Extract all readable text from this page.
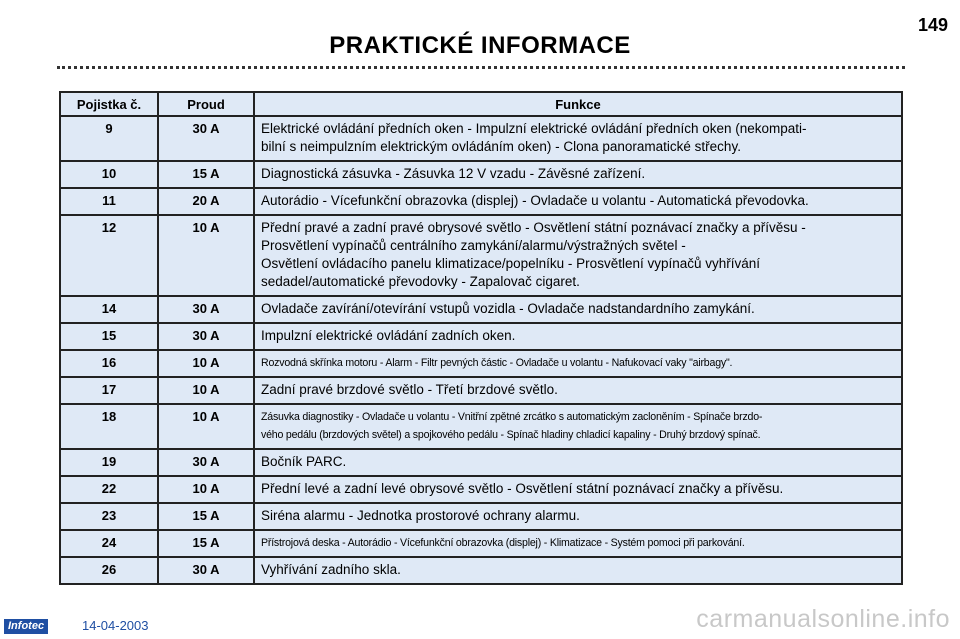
149
PRAKTICKÉ INFORMACE
Pojistka č.	Proud	Funkce
9	30 A	Elektrické ovládání předních oken - Impulzní elektrické ovládání předních oken (nekompati-
bilní s neimpulzním elektrickým ovládáním oken) - Clona panoramatické střechy.
10	15 A	Diagnostická zásuvka - Zásuvka 12 V vzadu - Závěsné zařízení.
11	20 A	Autorádio - Vícefunkční obrazovka (displej) - Ovladače u volantu - Automatická převodovka.
12	10 A	Přední pravé a zadní pravé obrysové světlo - Osvětlení státní poznávací značky a přívěsu -
Prosvětlení vypínačů centrálního zamykání/alarmu/výstražných světel -
Osvětlení ovládacího panelu klimatizace/popelníku - Prosvětlení vypínačů vyhřívání
sedadel/automatické převodovky - Zapalovač cigaret.
14	30 A	Ovladače zavírání/otevírání vstupů vozidla - Ovladače nadstandardního zamykání.
15	30 A	Impulzní elektrické ovládání zadních oken.
16	10 A	Rozvodná skřínka motoru - Alarm - Filtr pevných částic - Ovladače u volantu - Nafukovací vaky "airbagy".
17	10 A	Zadní pravé brzdové světlo - Třetí brzdové světlo.
18	10 A	Zásuvka diagnostiky - Ovladače u volantu - Vnitřní zpětné zrcátko s automatickým zacloněním - Spínače brzdo-
vého pedálu (brzdových světel) a spojkového pedálu - Spínač hladiny chladicí kapaliny - Druhý brzdový spínač.
19	30 A	Bočník PARC.
22	10 A	Přední levé a zadní levé obrysové světlo - Osvětlení státní poznávací značky a přívěsu.
23	15 A	Siréna alarmu - Jednotka prostorové ochrany alarmu.
24	15 A	Přístrojová deska - Autorádio - Vícefunkční obrazovka (displej) - Klimatizace - Systém pomoci při parkování.
26	30 A	Vyhřívání zadního skla.
Infotec	14-04-2003	carmanualsonline.info
